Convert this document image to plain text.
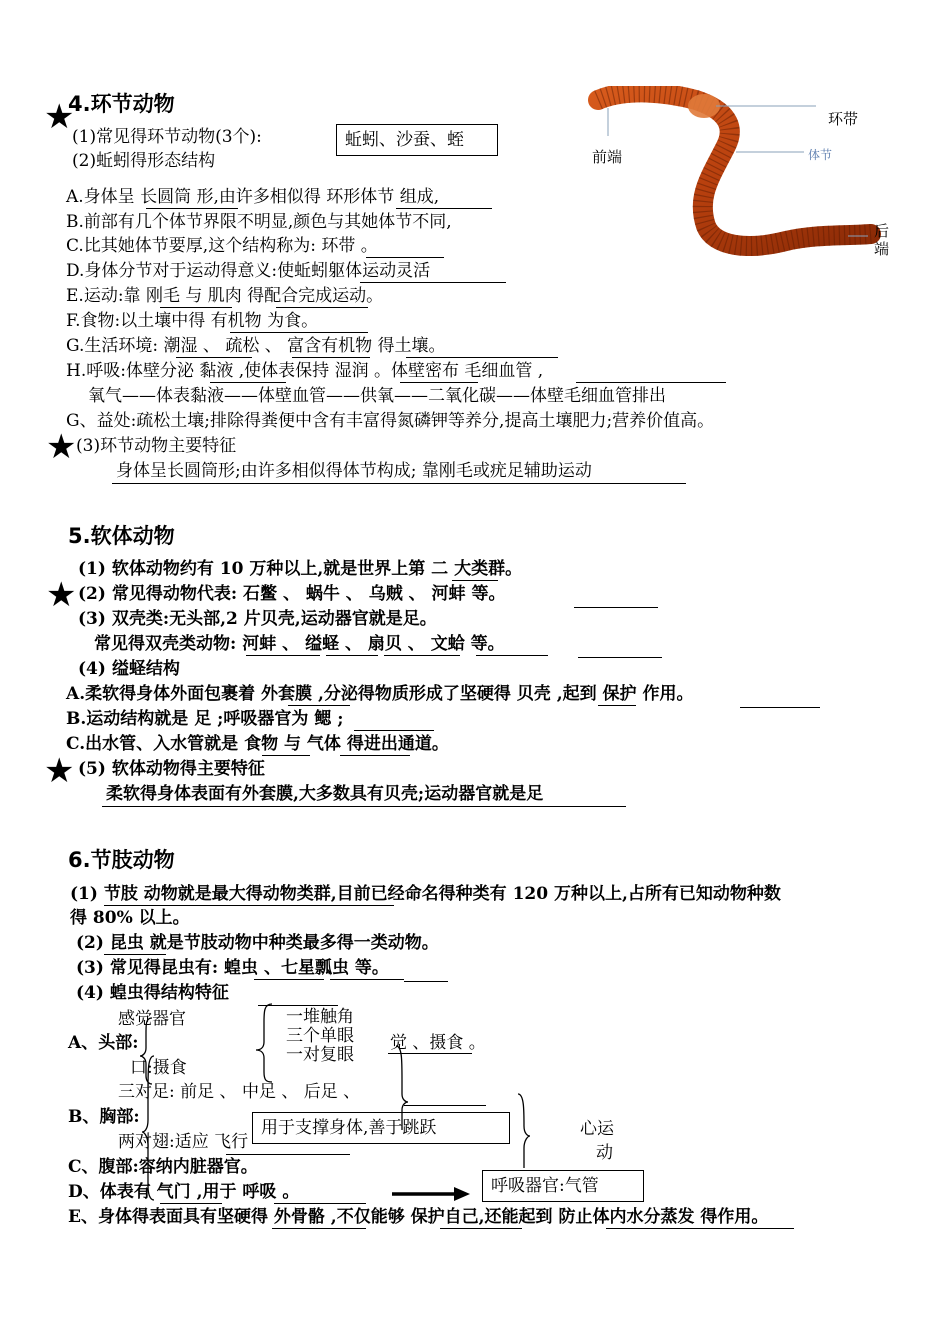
★
4.环节动物
(1)常见得环节动物(3个):	蚯蚓、沙蚕、蛭
(2)蚯蚓得形态结构
A.身体呈 长圆筒 形,由许多相似得 环形体节 组成,
B.前部有几个体节界限不明显,颜色与其她体节不同,
C.比其她体节要厚,这个结构称为: 环带 。
D.身体分节对于运动得意义:使蚯蚓躯体运动灵活
E.运动:靠 刚毛 与 肌肉 得配合完成运动。
F.食物:以土壤中得 有机物 为食。
G.生活环境: 潮湿 、 疏松 、 富含有机物 得土壤。
H.呼吸:体壁分泌 黏液 ,使体表保持 湿润 。体壁密布 毛细血管 ,
氧气——体表黏液——体壁血管——供氧——二氧化碳——体壁毛细血管排出
G、益处:疏松土壤;排除得粪便中含有丰富得氮磷钾等养分,提高土壤肥力;营养价值高。
★ (3)环节动物主要特征
身体呈长圆筒形;由许多相似得体节构成; 靠刚毛或疣足辅助运动
环带
前端	体节
后
端
5.软体动物
(1) 软体动物约有 10 万种以上,就是世界上第 二 大类群。
★ (2) 常见得动物代表: 石鳖 、 蜗牛 、 乌贼 、 河蚌 等。
(3) 双壳类:无头部,2 片贝壳,运动器官就是足。
常见得双壳类动物: 河蚌 、 缢蛏 、 扇贝 、 文蛤 等。
(4) 缢蛏结构
A.柔软得身体外面包裹着 外套膜 ,分泌得物质形成了坚硬得 贝壳 ,起到 保护 作用。
B.运动结构就是 足 ;呼吸器官为 鳃 ;
C.出水管、入水管就是 食物 与 气体 得进出通道。
★ (5) 软体动物得主要特征
柔软得身体表面有外套膜,大多数具有贝壳;运动器官就是足
6.节肢动物
(1) 节肢 动物就是最大得动物类群,目前已经命名得种类有 120 万种以上,占所有已知动物种数
得 80% 以上。
(2) 昆虫 就是节肢动物中种类最多得一类动物。
(3) 常见得昆虫有: 蝗虫 、七星瓢虫 等。
(4) 蝗虫得结构特征
感觉器官	一堆触角
三个单眼
一对复眼
A、头部:	觉 、摄食 。
口:摄食
三对足: 前足 、 中足 、 后足 、
B、胸部:
用于支撑身体,善于跳跃	心运
动
两对翅:适应 飞行
C、腹部:容纳内脏器官。
D、体表有 气门 ,用于 呼吸 。	呼吸器官:气管
E、身体得表面具有坚硬得 外骨骼 ,不仅能够 保护自己,还能起到 防止体内水分蒸发 得作用。
